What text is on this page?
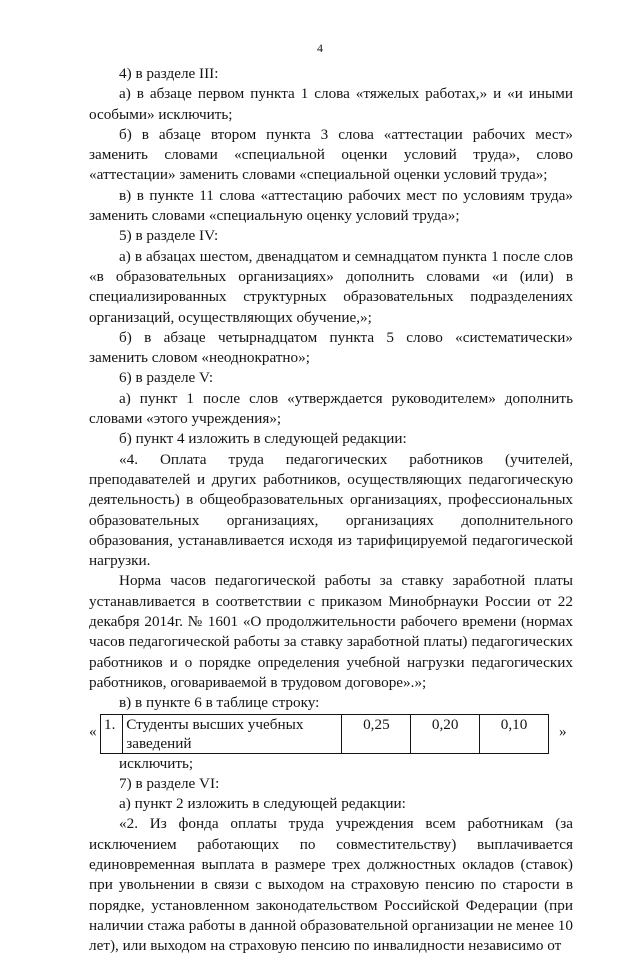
4

4) в разделе III:

а) в абзаце первом пункта 1 слова «тяжелых работах,» и «и иными особыми» исключить;

б) в абзаце втором пункта 3 слова «аттестации рабочих мест» заменить словами «специальной оценки условий труда», слово «аттестации» заменить словами «специальной оценки условий труда»;

в) в пункте 11 слова «аттестацию рабочих мест по условиям труда» заменить словами «специальную оценку условий труда»;

5) в разделе IV:

а) в абзацах шестом, двенадцатом и семнадцатом пункта 1 после слов «в образовательных организациях» дополнить словами «и (или) в специализированных структурных образовательных подразделениях организаций, осуществляющих обучение,»;

б) в абзаце четырнадцатом пункта 5 слово «систематически» заменить словом «неоднократно»;

6) в разделе V:

а) пункт 1 после слов «утверждается руководителем» дополнить словами «этого учреждения»;

б) пункт 4 изложить в следующей редакции:

«4. Оплата труда педагогических работников (учителей, преподавателей и других работников, осуществляющих педагогическую деятельность) в общеобразовательных организациях, профессиональных образовательных организациях, организациях дополнительного образования, устанавливается исходя из тарифицируемой педагогической нагрузки.

Норма часов педагогической работы за ставку заработной платы устанавливается в соответствии с приказом Минобрнауки России от 22 декабря 2014г. № 1601 «О продолжительности рабочего времени (нормах часов педагогической работы за ставку заработной платы) педагогических работников и о порядке определения учебной нагрузки педагогических работников, оговариваемой в трудовом договоре».»;

в) в пункте 6 в таблице строку:

« 1.	Студенты высших учебных заведений	0,25	0,20	0,10 »

исключить;

7) в разделе VI:

а) пункт 2 изложить в следующей редакции:

«2. Из фонда оплаты труда учреждения всем работникам (за исключением работающих по совместительству) выплачивается единовременная выплата в размере трех должностных окладов (ставок) при увольнении в связи с выходом на страховую пенсию по старости в порядке, установленном законодательством Российской Федерации (при наличии стажа работы в данной образовательной организации не менее 10 лет), или выходом на страховую пенсию по инвалидности независимо от
